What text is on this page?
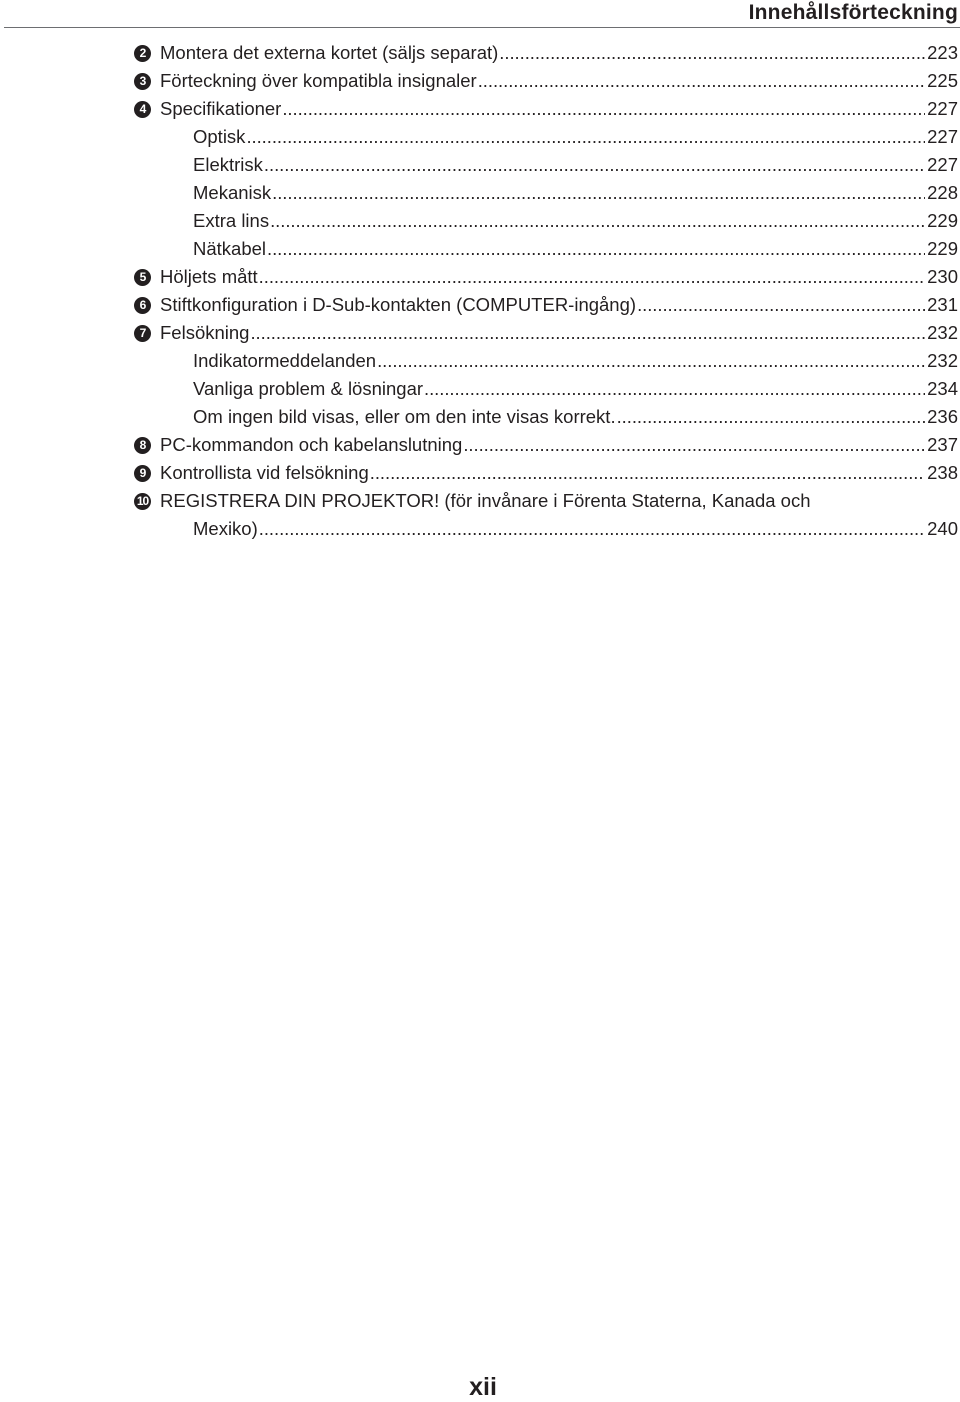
Innehållsförteckning
2 Montera det externa kortet (säljs separat) . . .	223
3 Förteckning över kompatibla insignaler . . .	225
4 Specifikationer . . .	227
Optisk . . .	227
Elektrisk . . .	227
Mekanisk . . .	228
Extra lins . . .	229
Nätkabel . . .	229
5 Höljets mått . . .	230
6 Stiftkonfiguration i D-Sub-kontakten (COMPUTER-ingång) . . .	231
7 Felsökning . . .	232
Indikatormeddelanden . . .	232
Vanliga problem & lösningar . . .	234
Om ingen bild visas, eller om den inte visas korrekt. . . .	236
8 PC-kommandon och kabelanslutning . . .	237
9 Kontrollista vid felsökning . . .	238
10 REGISTRERA DIN PROJEKTOR! (för invånare i Förenta Staterna, Kanada och
Mexiko) . . .	240
xii
